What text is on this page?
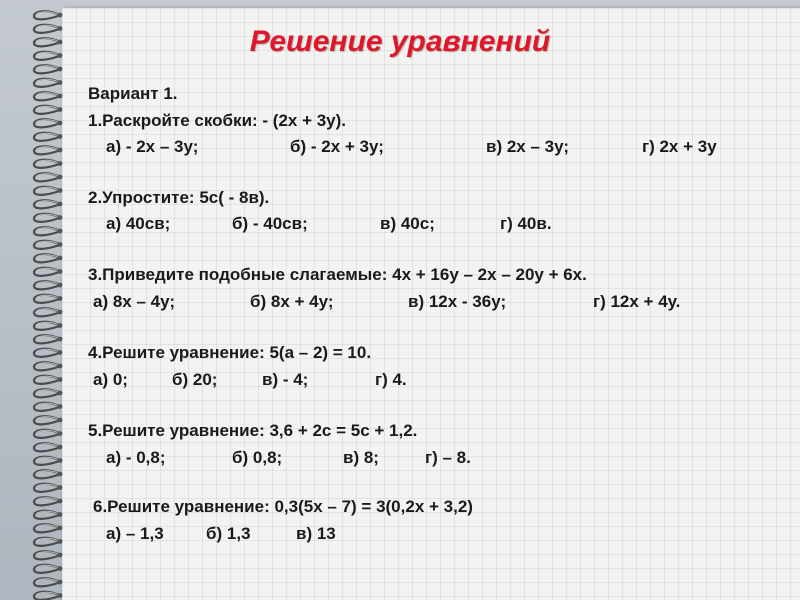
Решение уравнений
Вариант 1.
1.Раскройте скобки: - (2х + 3у).
а) - 2х – 3у;	б) - 2х + 3у;	в) 2х – 3у;	г) 2х + 3у
2.Упростите: 5с( - 8в).
а) 40св;	б) - 40св;	в) 40с;	г) 40в.
3.Приведите подобные слагаемые: 4х + 16у – 2х – 20у + 6х.
а) 8х – 4у;	б) 8х + 4у;	в) 12х - 36у;	г) 12х + 4у.
4.Решите уравнение: 5(а – 2) = 10.
а) 0;	б) 20;	в) - 4;	г) 4.
5.Решите уравнение: 3,6 + 2с = 5с + 1,2.
а) - 0,8;	б) 0,8;	в) 8;	г) – 8.
6.Решите уравнение: 0,3(5х – 7) = 3(0,2х + 3,2)
а) – 1,3 б) 1,3	в) 13
